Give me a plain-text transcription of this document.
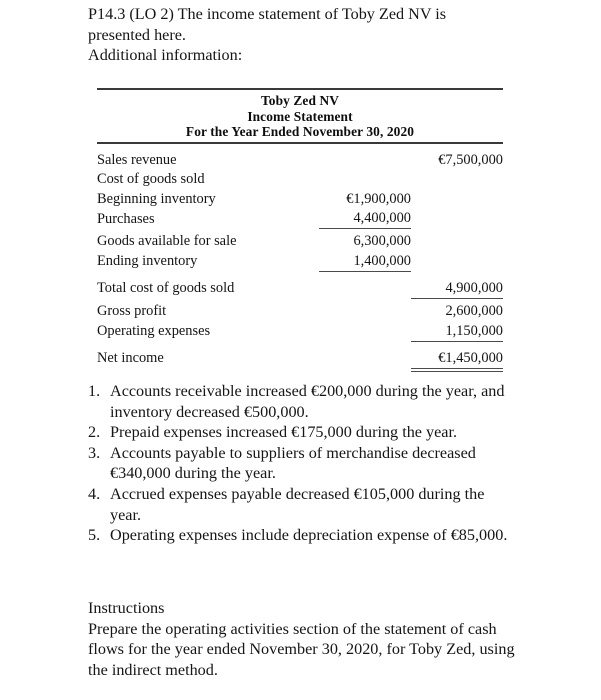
P14.3 (LO 2) The income statement of Toby Zed NV is
presented here.
Additional information:
Toby Zed NV
Income Statement
For the Year Ended November 30, 2020
Sales revenue		€7,500,000
Cost of goods sold		
Beginning inventory	€1,900,000	
Purchases	4,400,000	
Goods available for sale	6,300,000	
Ending inventory	1,400,000	
Total cost of goods sold		4,900,000
Gross profit		2,600,000
Operating expenses		1,150,000
Net income		€1,450,000
1. Accounts receivable increased €200,000 during the year, and inventory decreased €500,000.
2. Prepaid expenses increased €175,000 during the year.
3. Accounts payable to suppliers of merchandise decreased €340,000 during the year.
4. Accrued expenses payable decreased €105,000 during the year.
5. Operating expenses include depreciation expense of €85,000.
Instructions
Prepare the operating activities section of the statement of cash flows for the year ended November 30, 2020, for Toby Zed, using the indirect method.
